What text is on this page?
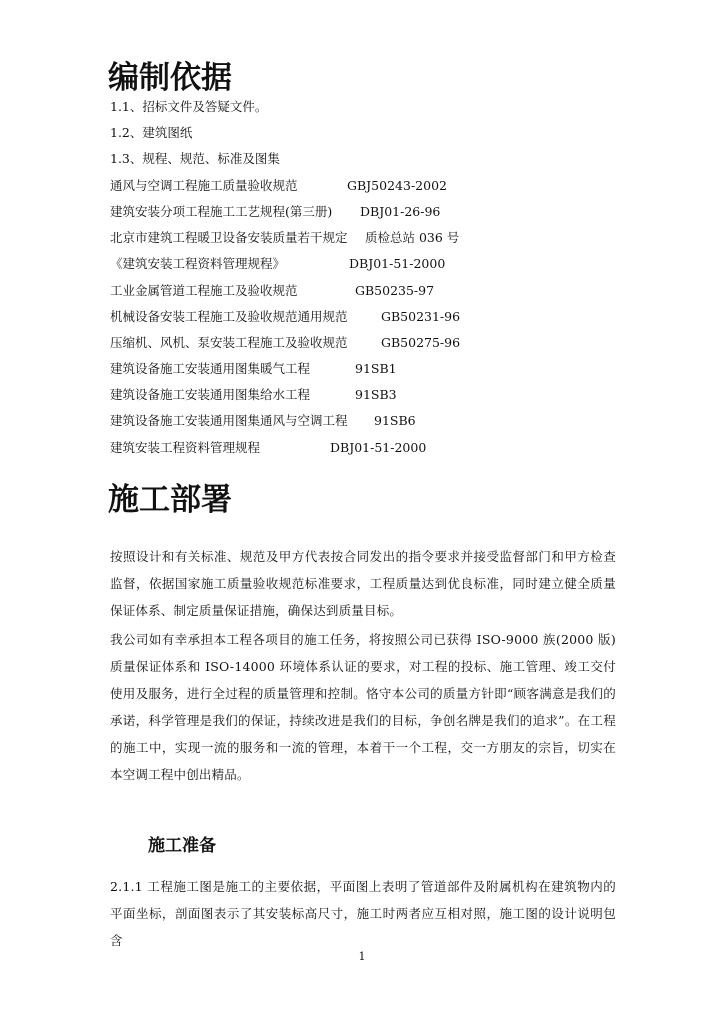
编制依据
1.1、招标文件及答疑文件。
1.2、建筑图纸
1.3、规程、规范、标准及图集
通风与空调工程施工质量验收规范	GBJ50243-2002
建筑安装分项工程施工工艺规程(第三册) DBJ01-26-96
北京市建筑工程暖卫设备安装质量若干规定 质检总站 036 号
《建筑安装工程资料管理规程》	DBJ01-51-2000
工业金属管道工程施工及验收规范	GB50235-97
机械设备安装工程施工及验收规范通用规范	GB50231-96
压缩机、风机、泵安装工程施工及验收规范	GB50275-96
建筑设备施工安装通用图集暖气工程	91SB1
建筑设备施工安装通用图集给水工程	91SB3
建筑设备施工安装通用图集通风与空调工程 91SB6
建筑安装工程资料管理规程	DBJ01-51-2000
施工部署
按照设计和有关标准、规范及甲方代表按合同发出的指令要求并接受监督部门和甲方检查监督，依据国家施工质量验收规范标准要求，工程质量达到优良标准，同时建立健全质量保证体系、制定质量保证措施，确保达到质量目标。
我公司如有幸承担本工程各项目的施工任务，将按照公司已获得 ISO-9000 族(2000 版) 质量保证体系和 ISO-14000 环境体系认证的要求，对工程的投标、施工管理、竣工交付使用及服务，进行全过程的质量管理和控制。恪守本公司的质量方针即“顾客满意是我们的承诺，科学管理是我们的保证，持续改进是我们的目标，争创名牌是我们的追求”。在工程的施工中，实现一流的服务和一流的管理，本着干一个工程，交一方朋友的宗旨，切实在本空调工程中创出精品。
施工准备
2.1.1 工程施工图是施工的主要依据，平面图上表明了管道部件及附属机构在建筑物内的平面坐标，剖面图表示了其安装标高尺寸，施工时两者应互相对照，施工图的设计说明包含
1
